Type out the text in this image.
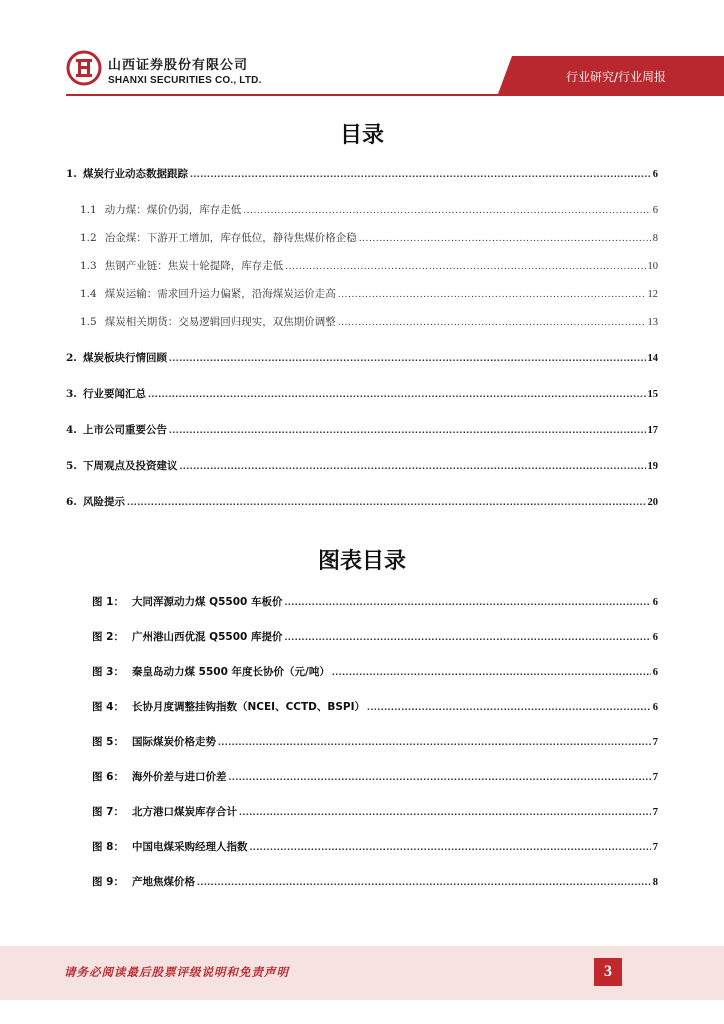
山西证券股份有限公司
SHANXI SECURITIES CO., LTD.	行业研究/行业周报
目录
1. 煤炭行业动态数据跟踪 .....	6
1.1 动力煤：煤价仍弱，库存走低 .....	6
1.2 冶金煤：下游开工增加，库存低位，静待焦煤价格企稳 .....	8
1.3 焦钢产业链：焦炭十轮提降，库存走低 .....	10
1.4 煤炭运输：需求回升运力偏紧，沿海煤炭运价走高 .....	12
1.5 煤炭相关期货：交易逻辑回归现实，双焦期价调整 .....	13
2. 煤炭板块行情回顾 .....	14
3. 行业要闻汇总 .....	15
4. 上市公司重要公告 .....	17
5. 下周观点及投资建议 .....	19
6. 风险提示 .....	20
图表目录
图 1： 大同浑源动力煤 Q5500 车板价 .....	6
图 2： 广州港山西优混 Q5500 库提价 .....	6
图 3： 秦皇岛动力煤 5500 年度长协价（元/吨） .....	6
图 4： 长协月度调整挂钩指数（NCEI、CCTD、BSPI） .....	6
图 5： 国际煤炭价格走势 .....	7
图 6： 海外价差与进口价差 .....	7
图 7： 北方港口煤炭库存合计 .....	7
图 8： 中国电煤采购经理人指数 .....	7
图 9： 产地焦煤价格 .....	8
请务必阅读最后股票评级说明和免责声明	3
